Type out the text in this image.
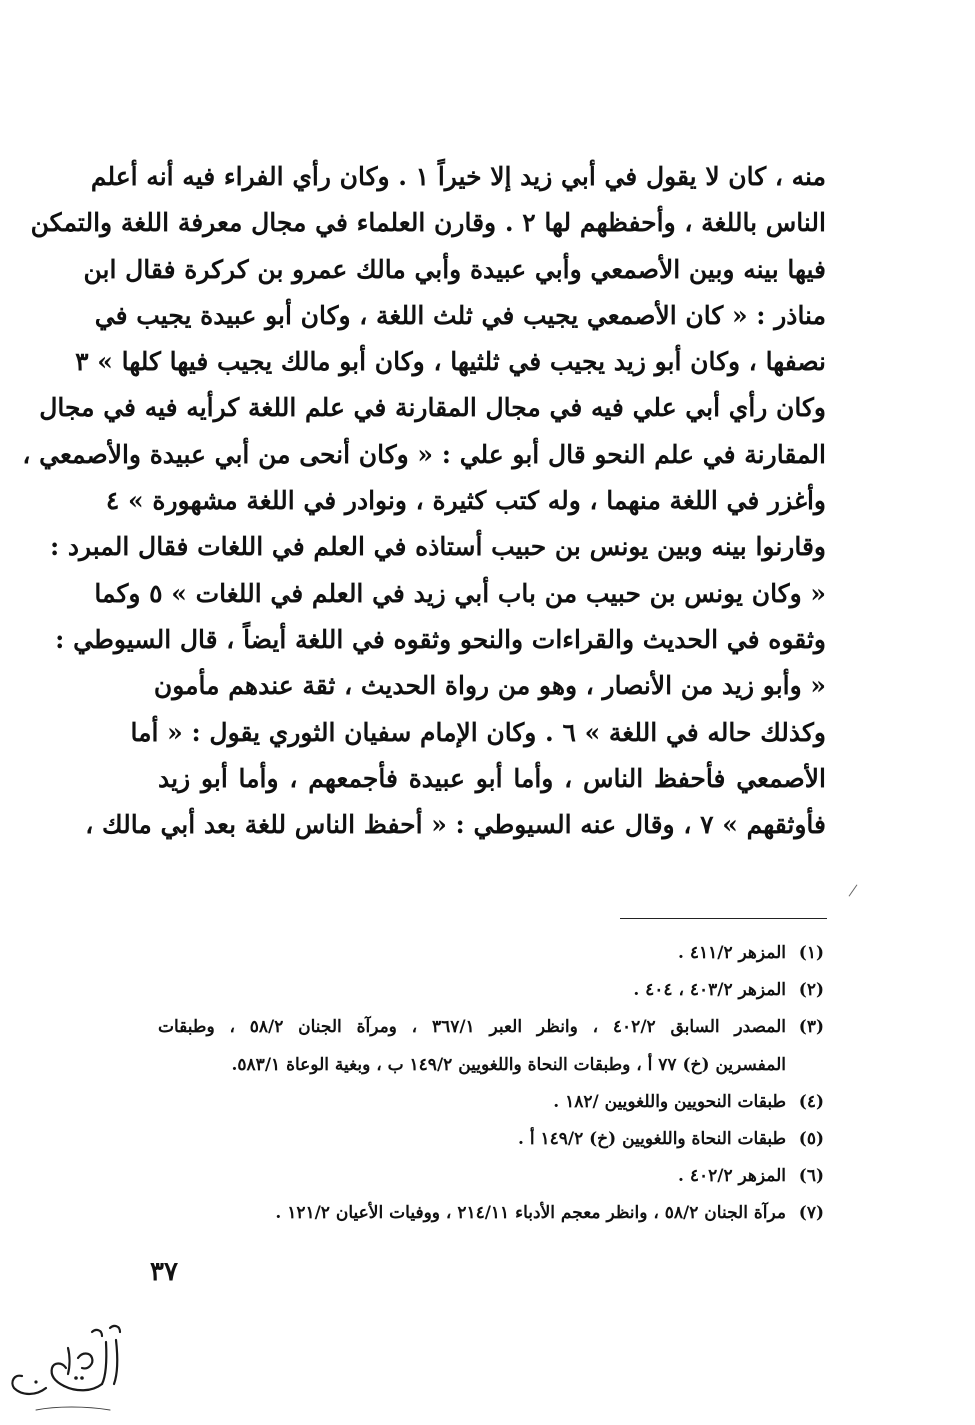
منه ، كان لا يقول في أبي زيد إلا خيراً ١ . وكان رأي الفراء فيه أنه أعلم
الناس باللغة ، وأحفظهم لها ٢ . وقارن العلماء في مجال معرفة اللغة والتمكن
فيها بينه وبين الأصمعي وأبي عبيدة وأبي مالك عمرو بن كركرة فقال ابن
مناذر : « كان الأصمعي يجيب في ثلث اللغة ، وكان أبو عبيدة يجيب في
نصفها ، وكان أبو زيد يجيب في ثلثيها ، وكان أبو مالك يجيب فيها كلها » ٣
وكان رأي أبي علي فيه في مجال المقارنة في علم اللغة كرأيه فيه في مجال
المقارنة في علم النحو قال أبو علي : « وكان أنحى من أبي عبيدة والأصمعي ،
وأغزر في اللغة منهما ، وله كتب كثيرة ، ونوادر في اللغة مشهورة » ٤
وقارنوا بينه وبين يونس بن حبيب أستاذه في العلم في اللغات فقال المبرد :
« وكان يونس بن حبيب من باب أبي زيد في العلم في اللغات » ٥ وكما
وثقوه في الحديث والقراءات والنحو وثقوه في اللغة أيضاً ، قال السيوطي :
« وأبو زيد من الأنصار ، وهو من رواة الحديث ، ثقة عندهم مأمون
وكذلك حاله في اللغة » ٦ . وكان الإمام سفيان الثوري يقول : « أما
الأصمعي فأحفظ الناس ، وأما أبو عبيدة فأجمعهم ، وأما أبو زيد
فأوثقهم » ٧ ، وقال عنه السيوطي : « أحفظ الناس للغة بعد أبي مالك ،
(١)المزهر ٤١١/٢ .
(٢)المزهر ٤٠٣/٢ ، ٤٠٤ .
(٣)المصدر السابق ٤٠٢/٢ ، وانظر العبر ٣٦٧/١ ، ومرآة الجنان ٥٨/٢ ، وطبقات
المفسرين (خ) ٧٧ أ ، وطبقات النحاة واللغويين ١٤٩/٢ ب ، وبغية الوعاة ٥٨٣/١.
(٤)طبقات النحويين واللغويين /١٨٢ .
(٥)طبقات النحاة واللغويين (خ) ١٤٩/٢ أ .
(٦)المزهر ٤٠٢/٢ .
(٧)مرآة الجنان ٥٨/٢ ، وانظر معجم الأدباء ٢١٤/١١ ، ووفيات الأعيان ١٢١/٢ .
٣٧
